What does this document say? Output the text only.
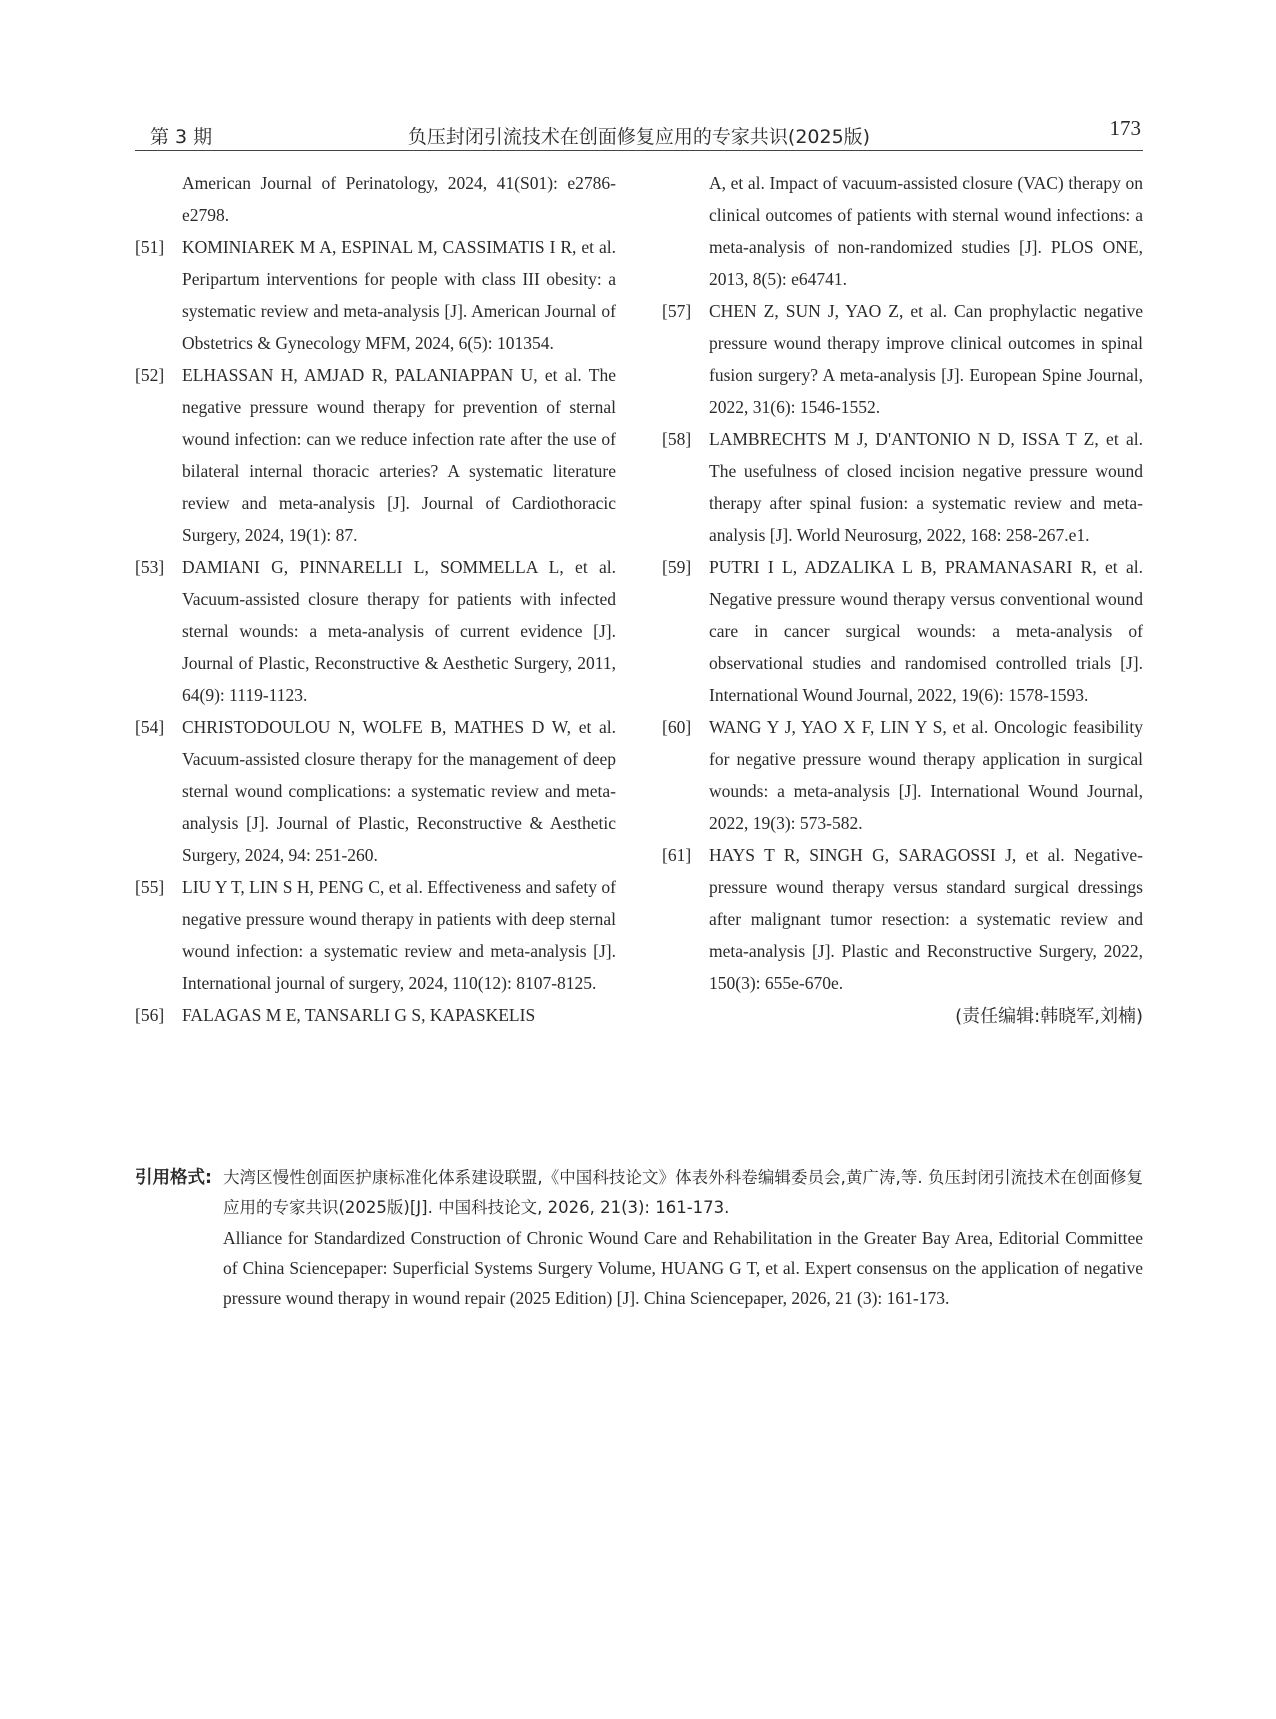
第 3 期	负压封闭引流技术在创面修复应用的专家共识(2025版)	173

American Journal of Perinatology, 2024, 41(S01): e2786-e2798.

[51] KOMINIAREK M A, ESPINAL M, CASSIMATIS I R, et al. Peripartum interventions for people with class III obesity: a systematic review and meta-analysis [J]. American Journal of Obstetrics & Gynecology MFM, 2024, 6(5): 101354.

[52] ELHASSAN H, AMJAD R, PALANIAPPAN U, et al. The negative pressure wound therapy for prevention of sternal wound infection: can we reduce infection rate after the use of bilateral internal thoracic arteries? A systematic literature review and meta-analysis [J]. Journal of Cardiothoracic Surgery, 2024, 19(1): 87.

[53] DAMIANI G, PINNARELLI L, SOMMELLA L, et al. Vacuum-assisted closure therapy for patients with infected sternal wounds: a meta-analysis of current evidence [J]. Journal of Plastic, Reconstructive & Aesthetic Surgery, 2011, 64(9): 1119-1123.

[54] CHRISTODOULOU N, WOLFE B, MATHES D W, et al. Vacuum-assisted closure therapy for the management of deep sternal wound complications: a systematic review and meta-analysis [J]. Journal of Plastic, Reconstructive & Aesthetic Surgery, 2024, 94: 251-260.

[55] LIU Y T, LIN S H, PENG C, et al. Effectiveness and safety of negative pressure wound therapy in patients with deep sternal wound infection: a systematic review and meta-analysis [J]. International journal of surgery, 2024, 110(12): 8107-8125.

[56] FALAGAS M E, TANSARLI G S, KAPASKELIS

A, et al. Impact of vacuum-assisted closure (VAC) therapy on clinical outcomes of patients with sternal wound infections: a meta-analysis of non-randomized studies [J]. PLOS ONE, 2013, 8(5): e64741.

[57] CHEN Z, SUN J, YAO Z, et al. Can prophylactic negative pressure wound therapy improve clinical outcomes in spinal fusion surgery? A meta-analysis [J]. European Spine Journal, 2022, 31(6): 1546-1552.

[58] LAMBRECHTS M J, D'ANTONIO N D, ISSA T Z, et al. The usefulness of closed incision negative pressure wound therapy after spinal fusion: a systematic review and meta-analysis [J]. World Neurosurg, 2022, 168: 258-267.e1.

[59] PUTRI I L, ADZALIKA L B, PRAMANASARI R, et al. Negative pressure wound therapy versus conventional wound care in cancer surgical wounds: a meta-analysis of observational studies and randomised controlled trials [J]. International Wound Journal, 2022, 19(6): 1578-1593.

[60] WANG Y J, YAO X F, LIN Y S, et al. Oncologic feasibility for negative pressure wound therapy application in surgical wounds: a meta-analysis [J]. International Wound Journal, 2022, 19(3): 573-582.

[61] HAYS T R, SINGH G, SARAGOSSI J, et al. Negative-pressure wound therapy versus standard surgical dressings after malignant tumor resection: a systematic review and meta-analysis [J]. Plastic and Reconstructive Surgery, 2022, 150(3): 655e-670e.

(责任编辑:韩晓军,刘楠)
引用格式: 大湾区慢性创面医护康标准化体系建设联盟,《中国科技论文》体表外科卷编辑委员会,黄广涛,等. 负压封闭引流技术在创面修复应用的专家共识(2025版)[J]. 中国科技论文, 2026, 21(3): 161-173.
Alliance for Standardized Construction of Chronic Wound Care and Rehabilitation in the Greater Bay Area, Editorial Committee of China Sciencepaper: Superficial Systems Surgery Volume, HUANG G T, et al. Expert consensus on the application of negative pressure wound therapy in wound repair (2025 Edition) [J]. China Sciencepaper, 2026, 21 (3): 161-173.
